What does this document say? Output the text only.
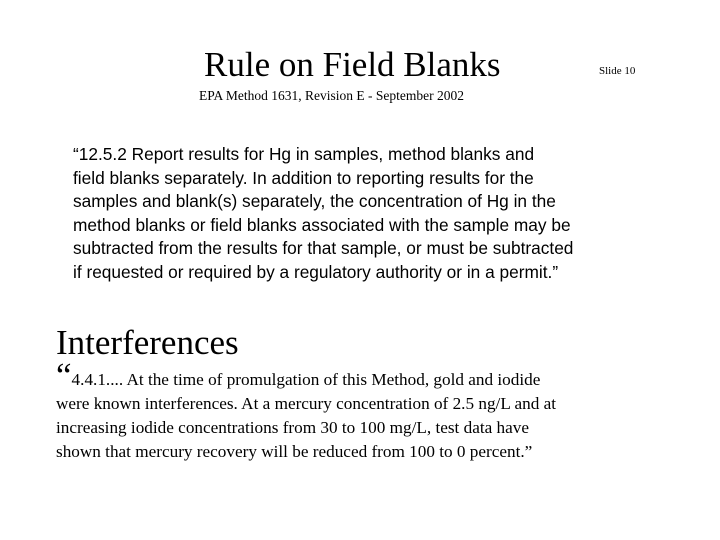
Rule on Field Blanks	Slide 10
EPA Method 1631, Revision E - September 2002
“12.5.2 Report results for Hg in samples, method blanks and
field blanks separately. In addition to reporting results for the
samples and blank(s) separately, the concentration of Hg in the
method blanks or field blanks associated with the sample may be
subtracted from the results for that sample, or must be subtracted
if requested or required by a regulatory authority or in a permit.”
Interferences
“4.4.1.... At the time of promulgation of this Method, gold and iodide
were known interferences. At a mercury concentration of 2.5 ng/L and at
increasing iodide concentrations from 30 to 100 mg/L, test data have
shown that mercury recovery will be reduced from 100 to 0 percent.”
